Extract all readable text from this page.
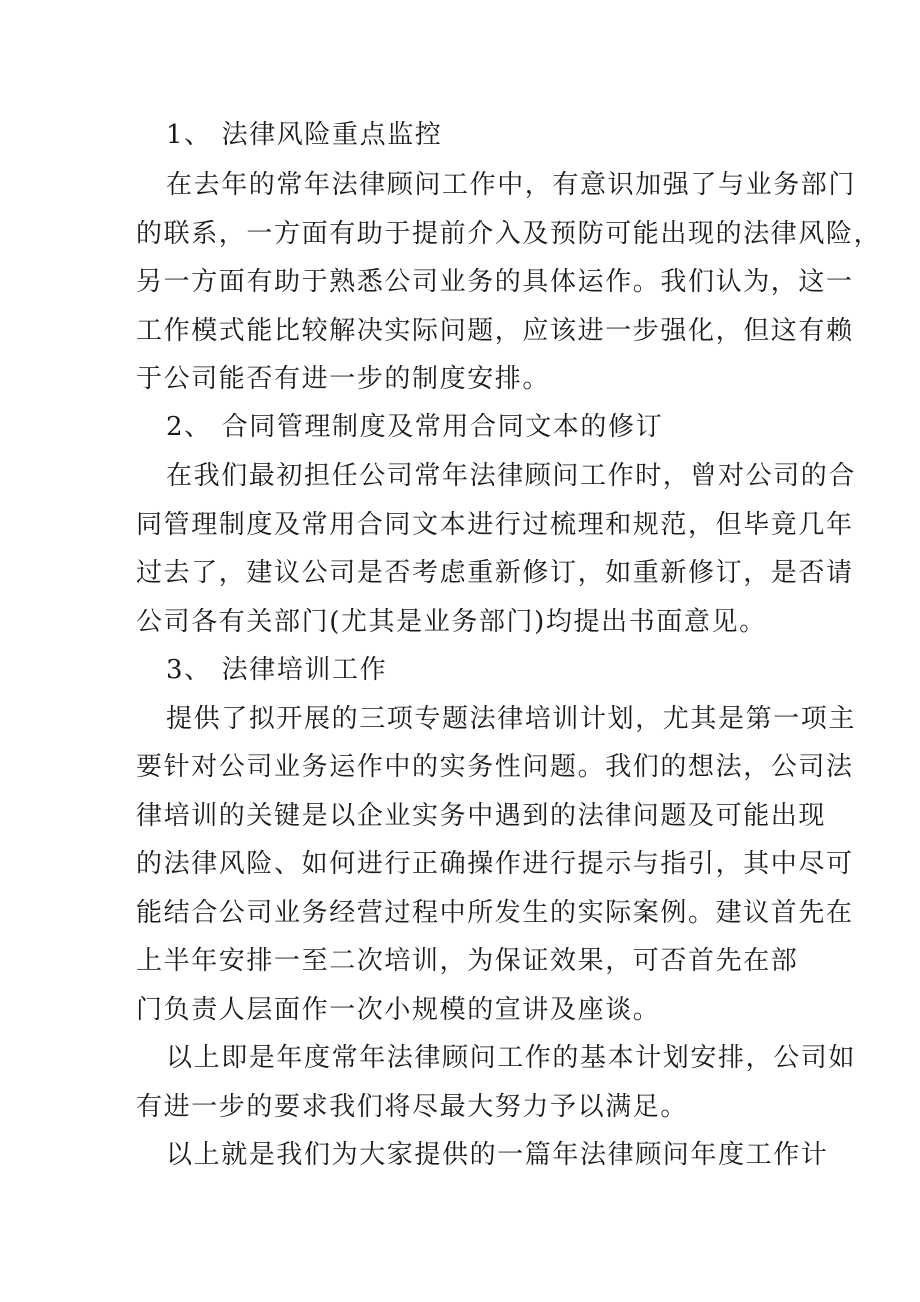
1、 法律风险重点监控
在去年的常年法律顾问工作中，有意识加强了与业务部门
的联系，一方面有助于提前介入及预防可能出现的法律风险，
另一方面有助于熟悉公司业务的具体运作。我们认为，这一
工作模式能比较解决实际问题，应该进一步强化，但这有赖
于公司能否有进一步的制度安排。
2、 合同管理制度及常用合同文本的修订
在我们最初担任公司常年法律顾问工作时，曾对公司的合
同管理制度及常用合同文本进行过梳理和规范，但毕竟几年
过去了，建议公司是否考虑重新修订，如重新修订，是否请
公司各有关部门(尤其是业务部门)均提出书面意见。
3、 法律培训工作
提供了拟开展的三项专题法律培训计划，尤其是第一项主
要针对公司业务运作中的实务性问题。我们的想法，公司法
律培训的关键是以企业实务中遇到的法律问题及可能出现
的法律风险、如何进行正确操作进行提示与指引，其中尽可
能结合公司业务经营过程中所发生的实际案例。建议首先在
上半年安排一至二次培训，为保证效果，可否首先在部
门负责人层面作一次小规模的宣讲及座谈。
以上即是年度常年法律顾问工作的基本计划安排，公司如
有进一步的要求我们将尽最大努力予以满足。
以上就是我们为大家提供的一篇年法律顾问年度工作计
